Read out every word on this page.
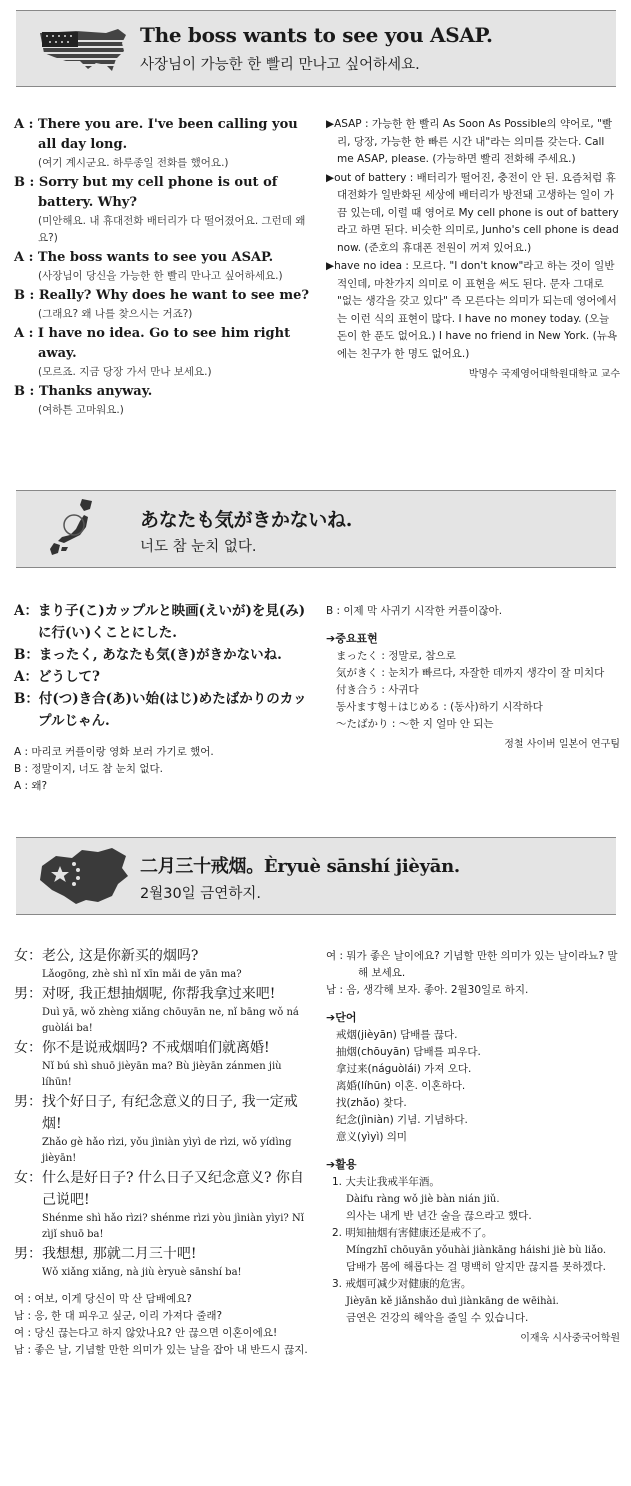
The boss wants to see you ASAP.
사장님이 가능한 한 빨리 만나고 싶어하세요.
A : There you are. I've been calling you all day long.
(여기 계시군요. 하루종일 전화를 했어요.)
B : Sorry but my cell phone is out of battery. Why?
(미안해요. 내 휴대전화 배터리가 다 떨어졌어요. 그런데 왜요?)
A : The boss wants to see you ASAP.
(사장님이 당신을 가능한 한 빨리 만나고 싶어하세요.)
B : Really? Why does he want to see me?
(그래요? 왜 나를 찾으시는 거죠?)
A : I have no idea. Go to see him right away.
(모르죠. 지금 당장 가서 만나 보세요.)
B : Thanks anyway.
(여하튼 고마워요.)
▶ASAP : 가능한 한 빨리 As Soon As Possible의 약어로, "빨리, 당장, 가능한 한 빠른 시간 내"라는 의미를 갖는다. Call me ASAP, please. (가능하면 빨리 전화해 주세요.)
▶out of battery : 배터리가 떨어진, 충전이 안 된. 요즘처럼 휴대전화가 일반화된 세상에 배터리가 방전돼 고생하는 일이 가끔 있는데, 이럴 때 영어로 My cell phone is out of battery라고 하면 된다. 비슷한 의미로, Junho's cell phone is dead now. (준호의 휴대폰 전원이 꺼져 있어요.)
▶have no idea : 모르다. "I don't know"라고 하는 것이 일반적인데, 마찬가지 의미로 이 표현을 써도 된다. 문자 그대로 "없는 생각을 갖고 있다" 즉 모른다는 의미가 되는데 영어에서는 이런 식의 표현이 많다. I have no money today. (오늘 돈이 한 푼도 없어요.) I have no friend in New York. (뉴욕에는 친구가 한 명도 없어요.)
박명수 국제영어대학원대학교 교수
あなたも気がきかないね.
너도 참 눈치 없다.
A：まり子(こ)カップルと映画(えいが)を見(み)に行(い)くことにした.
B：まったく, あなたも気(き)がきかないね.
A：どうして?
B：付(つ)き合(あ)い始(はじ)めたばかりのカップルじゃん.
A : 마리코 커플이랑 영화 보러 가기로 했어.
B : 정말이지, 너도 참 눈치 없다.
A : 왜?
B : 이제 막 사귀기 시작한 커플이잖아.
➔중요표현
まったく : 정말로, 참으로
気がきく : 눈치가 빠르다, 자잘한 데까지 생각이 잘 미치다
付き合う : 사귀다
동사ます형＋はじめる : (동사)하기 시작하다
〜たばかり : 〜한 지 얼마 안 되는
정철 사이버 일본어 연구팀
二月三十戒烟。Èryuè sānshí jièyān.
2월30일 금연하지.
女：老公, 这是你新买的烟吗?
Lǎogōng, zhè shì nǐ xīn mǎi de yān ma?
男：对呀, 我正想抽烟呢, 你帮我拿过来吧!
Duì yā, wǒ zhèng xiǎng chōuyān ne, nǐ bāng wǒ ná guòlái ba!
女：你不是说戒烟吗? 不戒烟咱们就离婚!
Nǐ bú shì shuō jièyān ma? Bù jièyān zánmen jiù líhūn!
男：找个好日子, 有纪念意义的日子, 我一定戒烟!
Zhǎo gè hǎo rìzi, yǒu jìniàn yìyì de rìzi, wǒ yídìng jièyān!
女：什么是好日子? 什么日子又纪念意义? 你自己说吧!
Shénme shì hǎo rìzi? shénme rìzi yòu jìniàn yìyi? Nǐ zìjǐ shuō ba!
男：我想想, 那就二月三十吧!
Wǒ xiǎng xiǎng, nà jiù èryuè sānshí ba!
여 : 여보, 이게 당신이 막 산 담배예요?
남 : 응, 한 대 피우고 싶군, 이리 가져다 줄래?
여 : 당신 끊는다고 하지 않았나요? 안 끊으면 이혼이에요!
남 : 좋은 날, 기념할 만한 의미가 있는 날을 잡아 내 반드시 끊지.
여 : 뭐가 좋은 날이에요? 기념할 만한 의미가 있는 날이라뇨? 말해 보세요.
남 : 음, 생각해 보자. 좋아. 2월30일로 하지.
➔단어
戒烟(jièyān) 담배를 끊다.
抽烟(chōuyān) 담배를 피우다.
拿过来(náguòlái) 가져 오다.
离婚(líhūn) 이혼. 이혼하다.
找(zhǎo) 찾다.
纪念(jìniàn) 기념. 기념하다.
意义(yìyì) 의미
➔활용
1. 大夫让我戒半年酒。
Dàifu ràng wǒ jiè bàn nián jiǔ.
의사는 내게 반 년간 술을 끊으라고 했다.
2. 明知抽烟有害健康还是戒不了。
Míngzhī chōuyān yǒuhài jiànkāng háishi jiè bù liǎo.
담배가 몸에 해롭다는 걸 명백히 알지만 끊지를 못하겠다.
3. 戒烟可减少对健康的危害。
Jièyān kě jiǎnshǎo duì jiànkāng de wēihài.
금연은 건강의 해악을 줄일 수 있습니다.
이재욱 시사중국어학원
